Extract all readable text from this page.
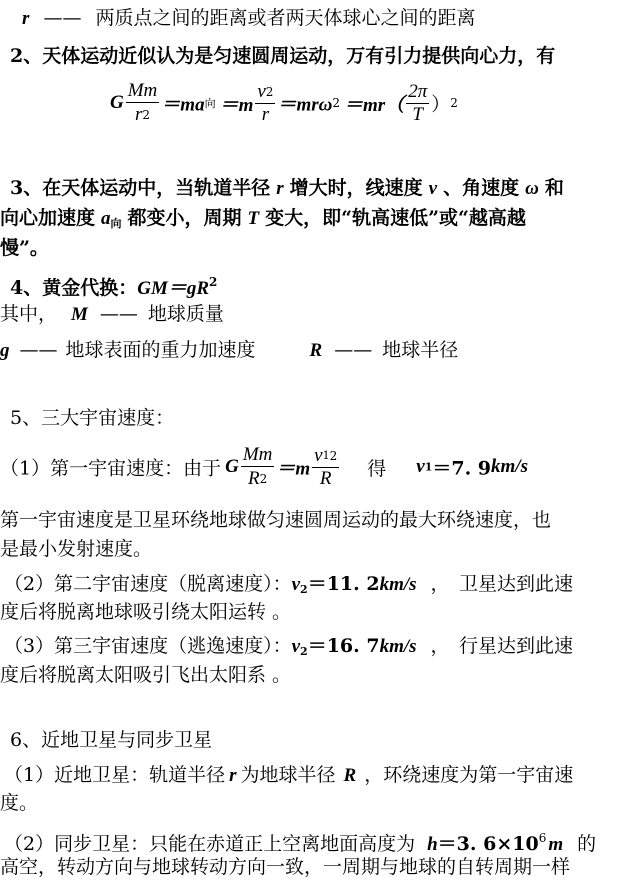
r —— 两质点之间的距离或者两天体球心之间的距离
2、天体运动近似认为是匀速圆周运动，万有引力提供向心力，有
G $\frac{Mm}{r2} =ma$向 $=m \frac{v2}{r} =mr\omega 2 =mr( \frac{2\pi}{T} )2$
3、在天体运动中，当轨道半径 r 增大时，线速度 v 、角速度 ω 和
向心加速度 $a_向$ 都变小，周期 T 变大，即“轨高速低”或“越高越
慢”。
4、黄金代换：$GM=gR^2$
其中， M —— 地球质量
g —— 地球表面的重力加速度	R —— 地球半径
5、三大宇宙速度：
（1）第一宇宙速度：由于 G $\frac{Mm}{R2} =m \frac{v12}{R}$ 得 v1＝7. 9km/s
第一宇宙速度是卫星环绕地球做匀速圆周运动的最大环绕速度，也
是最小发射速度。
（2）第二宇宙速度（脱离速度）：$v_2=11$. 2km/s ，　卫星达到此速
度后将脱离地球吸引绕太阳运转 。
（3）第三宇宙速度（逃逸速度）：$v_2=16$. 7km/s ，　行星达到此速
度后将脱离太阳吸引飞出太阳系 。
6、近地卫星与同步卫星
（1）近地卫星：轨道半径 r 为地球半径 R ，环绕速度为第一宇宙速
度。
（2）同步卫星：只能在赤道正上空离地面高度为 h＝3. $6\times 10^6$ m 的
高空，转动方向与地球转动方向一致，一周期与地球的自转周期一样
